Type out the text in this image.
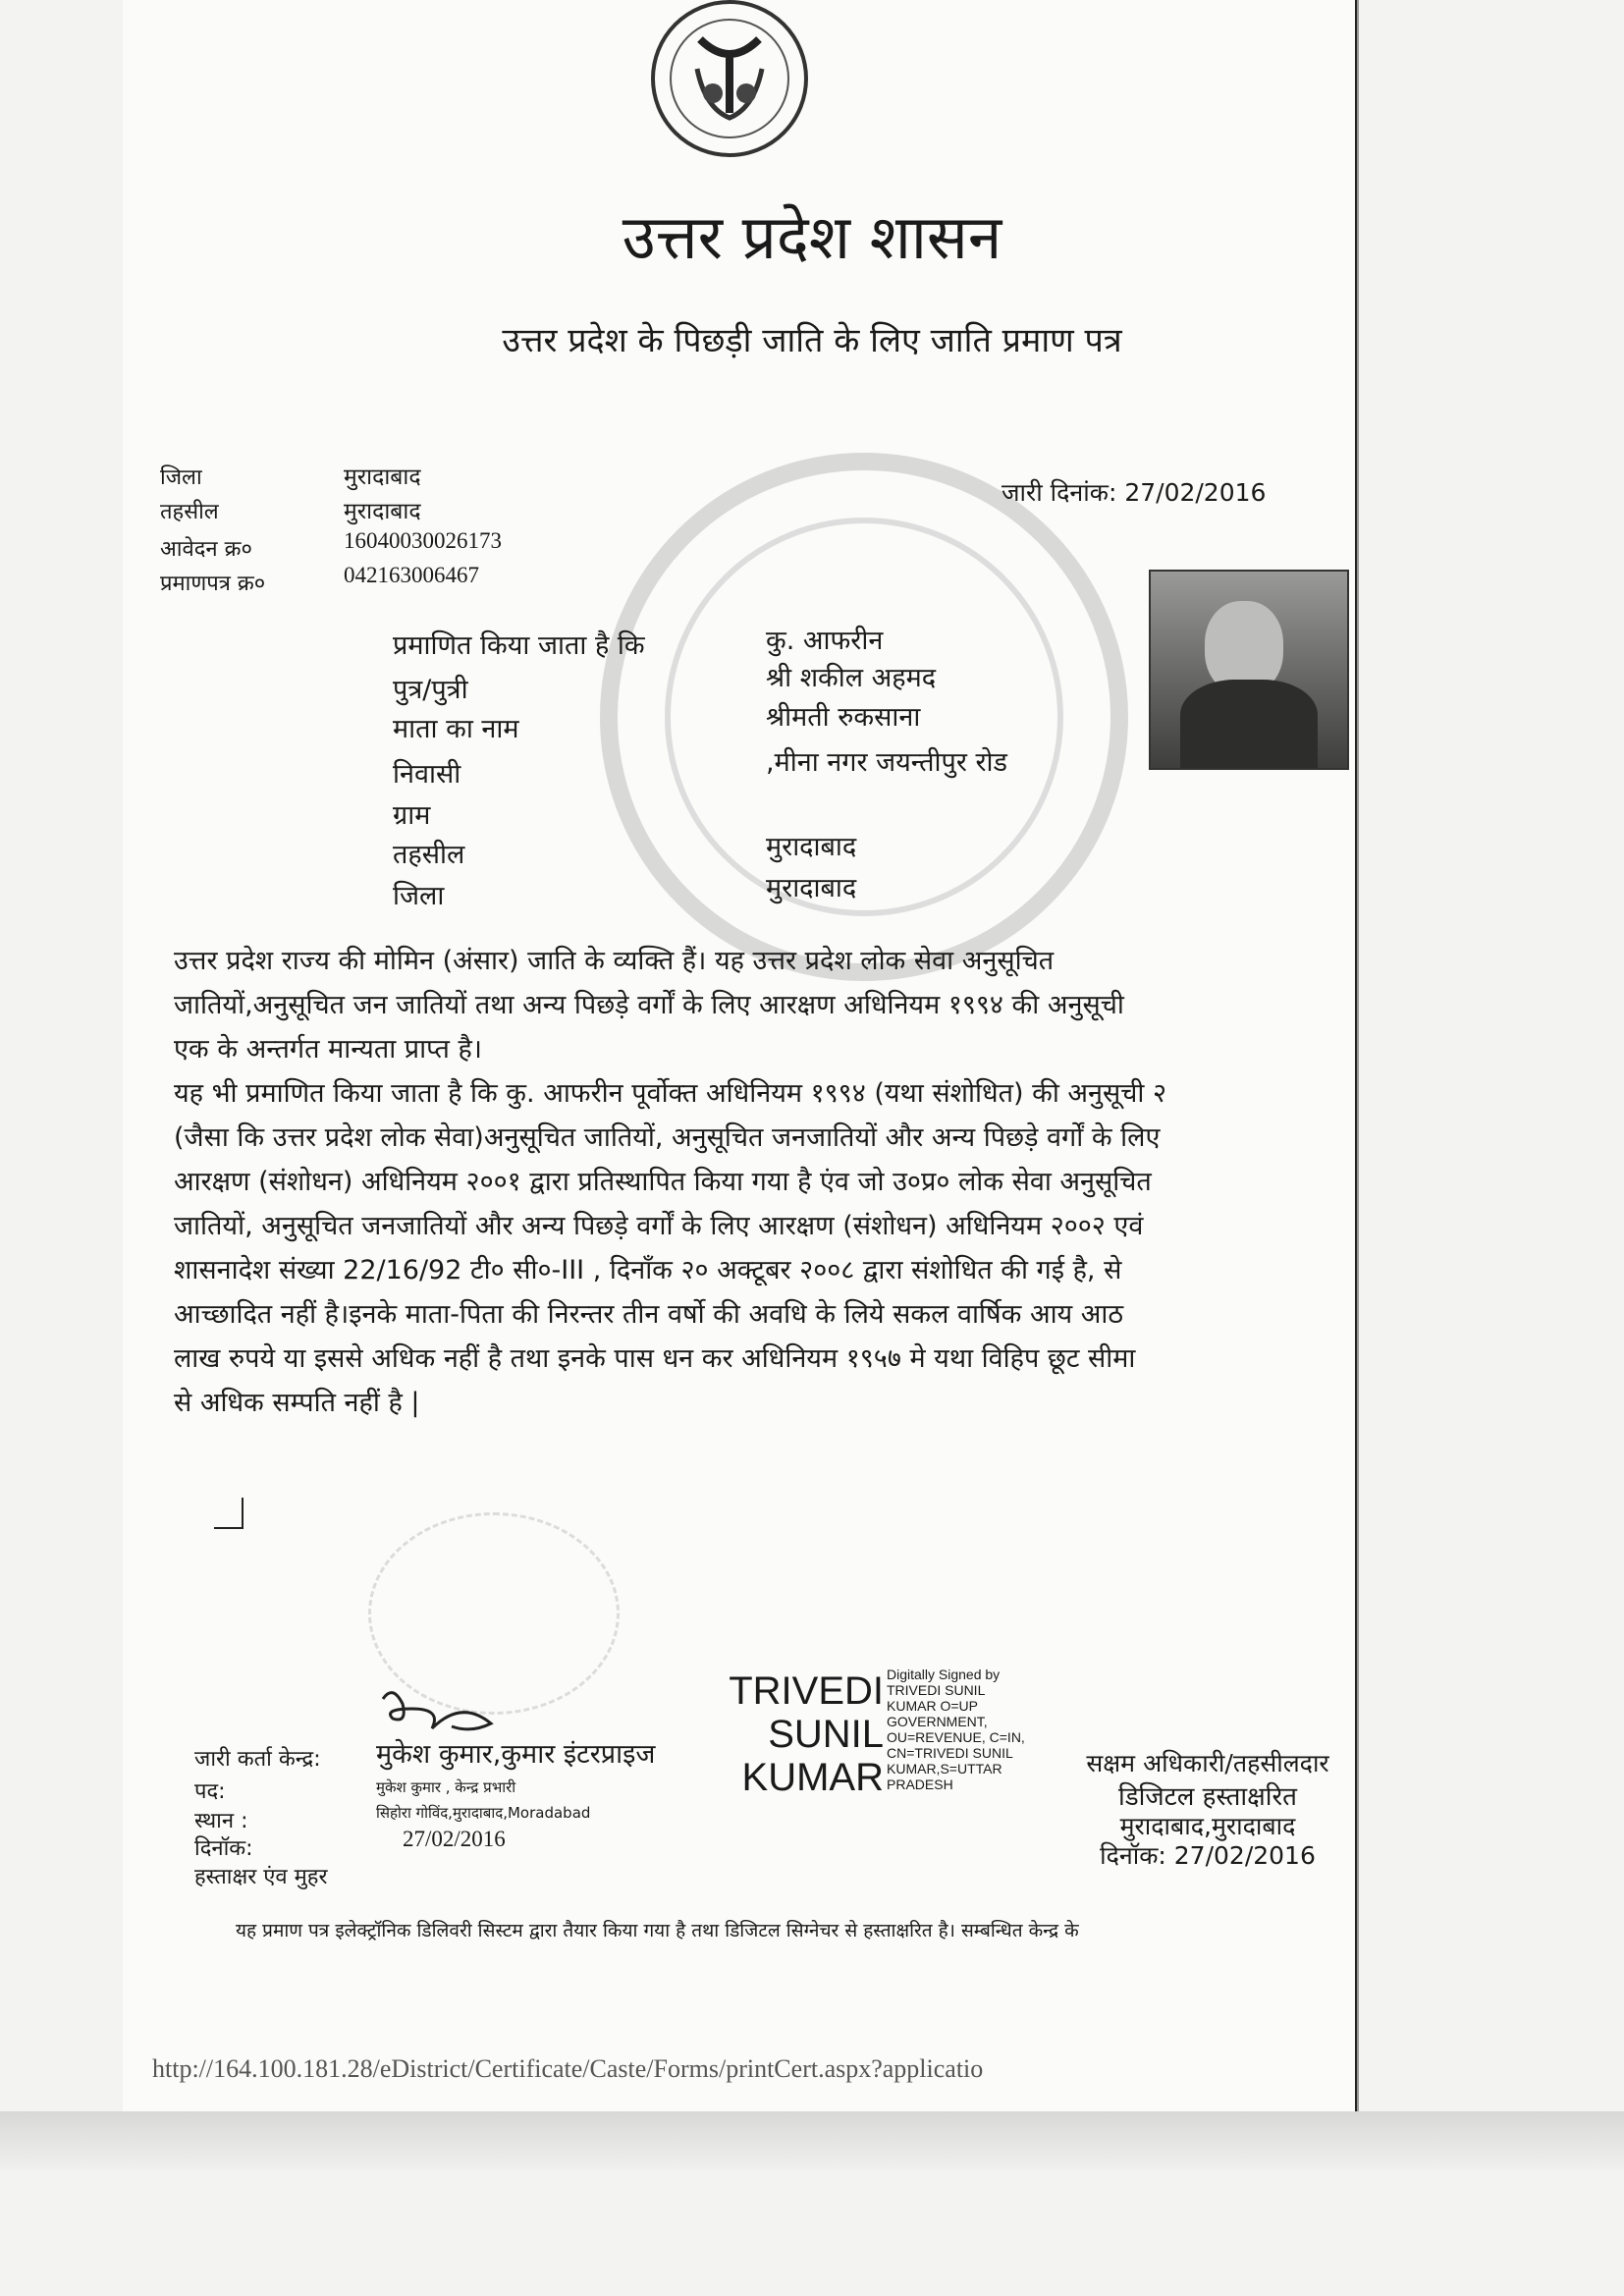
उत्तर प्रदेश शासन
उत्तर प्रदेश के पिछड़ी जाति के लिए जाति प्रमाण पत्र
जिला	मुरादाबाद
तहसील	मुरादाबाद
आवेदन क्र०	16040030026173
प्रमाणपत्र क्र०	042163006467
जारी दिनांक: 27/02/2016
प्रमाणित किया जाता है कि	कु. आफरीन
पुत्र/पुत्री	श्री शकील अहमद
माता का नाम	श्रीमती रुकसाना
निवासी	,मीना नगर जयन्तीपुर रोड
ग्राम
तहसील	मुरादाबाद
जिला	मुरादाबाद
उत्तर प्रदेश राज्य की मोमिन (अंसार) जाति के व्यक्ति हैं। यह उत्तर प्रदेश लोक सेवा अनुसूचित
जातियों,अनुसूचित जन जातियों तथा अन्य पिछड़े वर्गों के लिए आरक्षण अधिनियम १९९४ की अनुसूची
एक के अन्तर्गत मान्यता प्राप्त है।
यह भी प्रमाणित किया जाता है कि कु. आफरीन पूर्वोक्त अधिनियम १९९४ (यथा संशोधित) की अनुसूची २
(जैसा कि उत्तर प्रदेश लोक सेवा)अनुसूचित जातियों, अनुसूचित जनजातियों और अन्य पिछड़े वर्गों के लिए
आरक्षण (संशोधन) अधिनियम २००१ द्वारा प्रतिस्थापित किया गया है एंव जो उ०प्र० लोक सेवा अनुसूचित
जातियों, अनुसूचित जनजातियों और अन्य पिछड़े वर्गों के लिए आरक्षण (संशोधन) अधिनियम २००२ एवं
शासनादेश संख्या 22/16/92 टी० सी०-III , दिनाँक २० अक्टूबर २००८ द्वारा संशोधित की गई है, से
आच्छादित नहीं है।इनके माता-पिता की निरन्तर तीन वर्षो की अवधि के लिये सकल वार्षिक आय आठ
लाख रुपये या इससे अधिक नहीं है तथा इनके पास धन कर अधिनियम १९५७ मे यथा विहिप छूट सीमा
से अधिक सम्पति नहीं है |
जारी कर्ता केन्द्र: मुकेश कुमार,कुमार इंटरप्राइज
पद:	मुकेश कुमार , केन्द्र प्रभारी
स्थान :	सिहोरा गोविंद,मुरादाबाद,Moradabad
दिनॉक:	27/02/2016
हस्ताक्षर एंव मुहर
TRIVEDI
SUNIL
KUMAR
Digitally Signed by
TRIVEDI SUNIL
KUMAR O=UP
GOVERNMENT,
OU=REVENUE, C=IN,
CN=TRIVEDI SUNIL
KUMAR,S=UTTAR
PRADESH
सक्षम अधिकारी/तहसीलदार
डिजिटल हस्ताक्षरित
मुरादाबाद,मुरादाबाद
दिनॉक: 27/02/2016
यह प्रमाण पत्र इलेक्ट्रॉनिक डिलिवरी सिस्टम द्वारा तैयार किया गया है तथा डिजिटल सिग्नेचर से हस्ताक्षरित है। सम्बन्धित केन्द्र के
http://164.100.181.28/eDistrict/Certificate/Caste/Forms/printCert.aspx?applicatio
